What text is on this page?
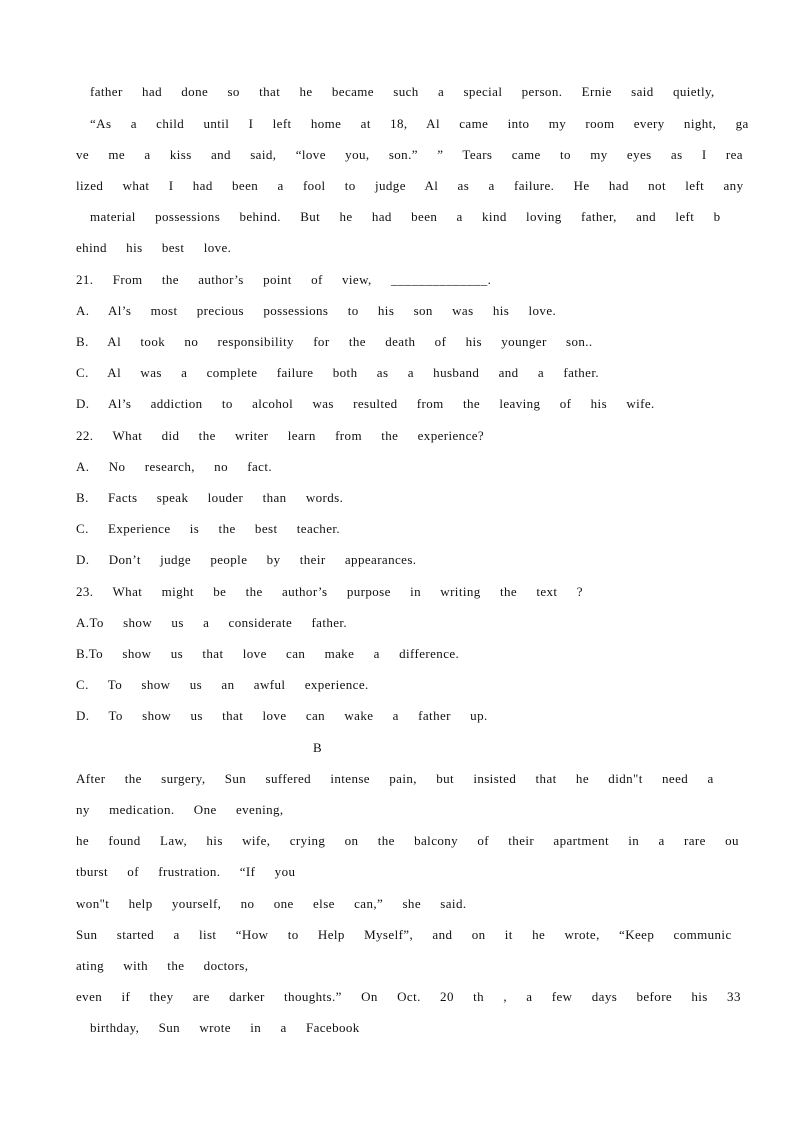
father  had  done  so  that  he  became  such  a  special  person.  Ernie  said  quietly,
“As  a  child  until  I  left  home  at  18,  Al  came  into  my  room  every  night,  ga
ve  me  a  kiss  and  said,  “love  you,  son.”  ”  Tears  came  to  my  eyes  as  I  rea
lized  what  I  had  been  a  fool  to  judge  Al  as  a  failure.  He  had  not  left  any
material  possessions  behind.  But  he  had  been  a  kind  loving  father,  and  left  b
ehind  his  best  love.
21.  From  the  author’s  point  of  view,  ______________.
A.  Al’s  most  precious  possessions  to  his  son  was  his  love.
B.  Al  took  no  responsibility  for  the  death  of  his  younger  son..
C.  Al  was  a  complete  failure  both  as  a  husband  and  a  father.
D.  Al’s  addiction  to  alcohol  was  resulted  from  the  leaving  of  his  wife.
22.  What  did  the  writer  learn  from  the  experience?
A.  No  research,  no  fact.
B.  Facts  speak  louder  than  words.
C.  Experience  is  the  best  teacher.
D.  Don’t  judge  people  by  their  appearances.
23.  What  might  be  the  author’s  purpose  in  writing  the  text  ?
A.To  show  us  a  considerate  father.
B.To  show  us  that  love  can  make  a  difference.
C.  To  show  us  an  awful  experience.
D.  To  show  us  that  love  can  wake  a  father  up.
B
After  the  surgery,  Sun  suffered  intense  pain,  but  insisted  that  he  didn"t  need  a
ny  medication.  One  evening,
he  found  Law,  his  wife,  crying  on  the  balcony  of  their  apartment  in  a  rare  ou
tburst  of  frustration.  “If  you
won"t  help  yourself,  no  one  else  can,”  she  said.
Sun  started  a  list  “How  to  Help  Myself”,  and  on  it  he  wrote,  “Keep  communic
ating  with  the  doctors,
even  if  they  are  darker  thoughts.”  On  Oct.  20  th  ,  a  few  days  before  his  33
birthday,  Sun  wrote  in  a  Facebook
